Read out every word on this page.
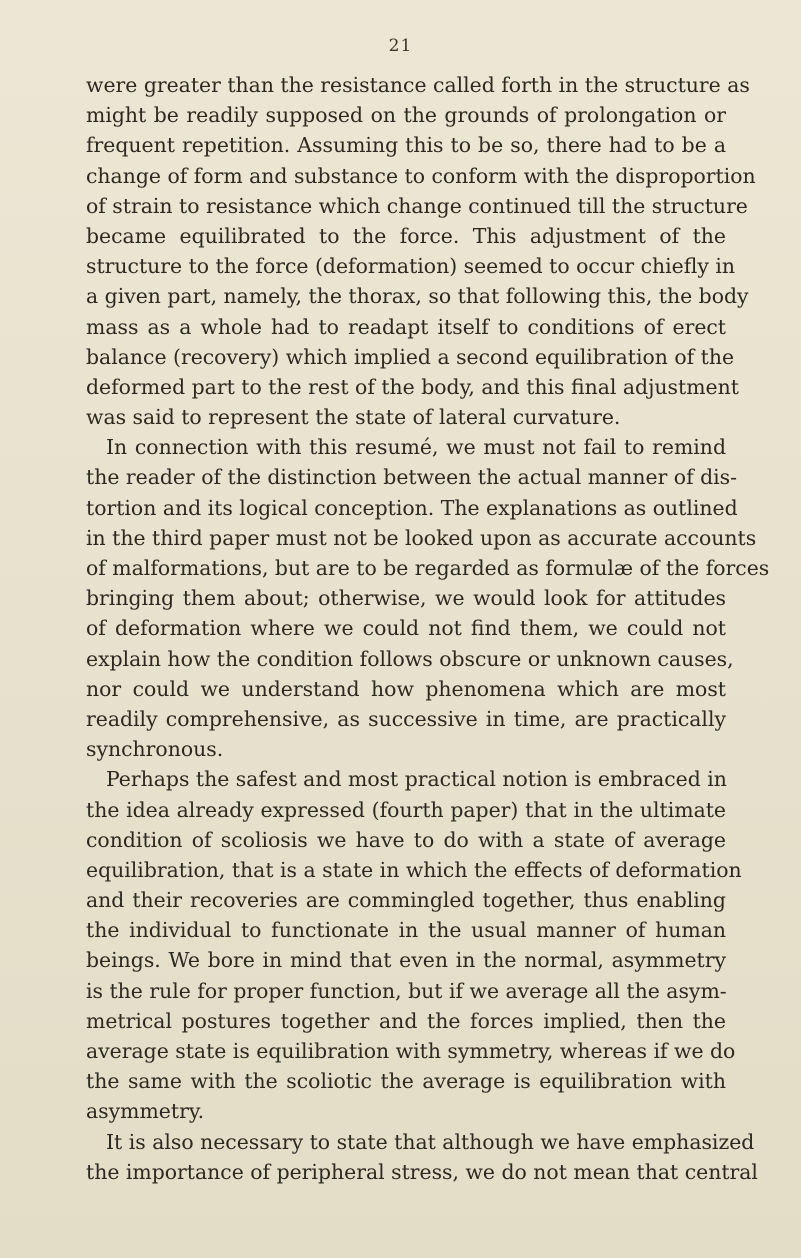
21
were greater than the resistance called forth in the structure as
might be readily supposed on the grounds of prolongation or
frequent repetition. Assuming this to be so, there had to be a
change of form and substance to conform with the disproportion
of strain to resistance which change continued till the structure
became equilibrated to the force. This adjustment of the
structure to the force (deformation) seemed to occur chiefly in
a given part, namely, the thorax, so that following this, the body
mass as a whole had to readapt itself to conditions of erect
balance (recovery) which implied a second equilibration of the
deformed part to the rest of the body, and this final adjustment
was said to represent the state of lateral curvature.
In connection with this resumé, we must not fail to remind
the reader of the distinction between the actual manner of dis-
tortion and its logical conception. The explanations as outlined
in the third paper must not be looked upon as accurate accounts
of malformations, but are to be regarded as formulæ of the forces
bringing them about; otherwise, we would look for attitudes
of deformation where we could not find them, we could not
explain how the condition follows obscure or unknown causes,
nor could we understand how phenomena which are most
readily comprehensive, as successive in time, are practically
synchronous.
Perhaps the safest and most practical notion is embraced in
the idea already expressed (fourth paper) that in the ultimate
condition of scoliosis we have to do with a state of average
equilibration, that is a state in which the effects of deformation
and their recoveries are commingled together, thus enabling
the individual to functionate in the usual manner of human
beings. We bore in mind that even in the normal, asymmetry
is the rule for proper function, but if we average all the asym-
metrical postures together and the forces implied, then the
average state is equilibration with symmetry, whereas if we do
the same with the scoliotic the average is equilibration with
asymmetry.
It is also necessary to state that although we have emphasized
the importance of peripheral stress, we do not mean that central
